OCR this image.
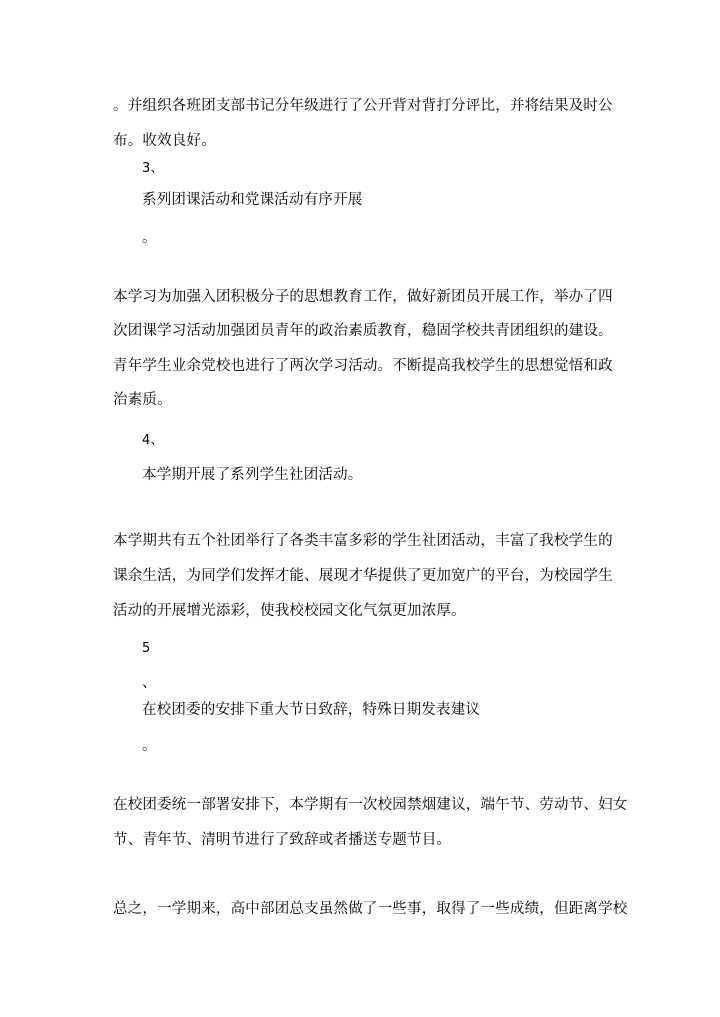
。并组织各班团支部书记分年级进行了公开背对背打分评比，并将结果及时公
布。收效良好。
3、
系列团课活动和党课活动有序开展
。
本学习为加强入团积极分子的思想教育工作，做好新团员开展工作，举办了四
次团课学习活动加强团员青年的政治素质教育，稳固学校共青团组织的建设。
青年学生业余党校也进行了两次学习活动。不断提高我校学生的思想觉悟和政
治素质。
4、
本学期开展了系列学生社团活动。
本学期共有五个社团举行了各类丰富多彩的学生社团活动，丰富了我校学生的
课余生活，为同学们发挥才能、展现才华提供了更加宽广的平台，为校园学生
活动的开展增光添彩，使我校校园文化气氛更加浓厚。
5
、
在校团委的安排下重大节日致辞，特殊日期发表建议
。
在校团委统一部署安排下，本学期有一次校园禁烟建议，端午节、劳动节、妇女
节、青年节、清明节进行了致辞或者播送专题节目。
总之，一学期来，高中部团总支虽然做了一些事，取得了一些成绩，但距离学校
